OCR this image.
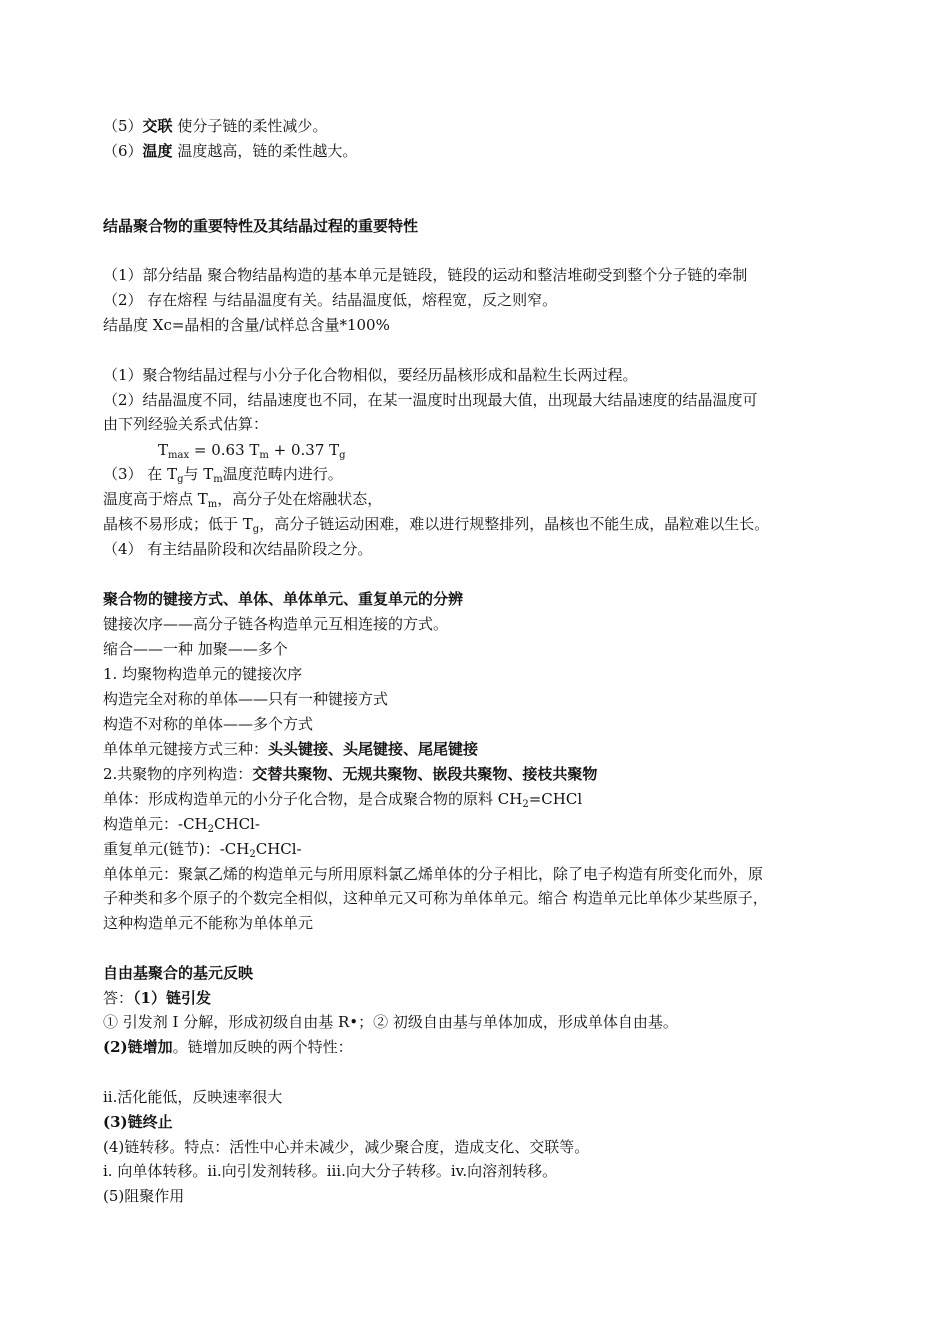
（5）交联 使分子链的柔性减少。
（6）温度 温度越高，链的柔性越大。
结晶聚合物的重要特性及其结晶过程的重要特性
（1）部分结晶 聚合物结晶构造的基本单元是链段，链段的运动和整洁堆砌受到整个分子链的牵制
（2） 存在熔程 与结晶温度有关。结晶温度低，熔程宽，反之则窄。
结晶度 Xc=晶相的含量/试样总含量*100%
（1）聚合物结晶过程与小分子化合物相似，要经历晶核形成和晶粒生长两过程。
（2）结晶温度不同，结晶速度也不同，在某一温度时出现最大值，出现最大结晶速度的结晶温度可
由下列经验关系式估算：
$T_{max} = 0.63$ $T_m + 0.37$ $T_g$
（3） 在 $T_g$与 $T_m$温度范畴内进行。
温度高于熔点 $T_m$，高分子处在熔融状态，
晶核不易形成；低于 $T_g$，高分子链运动困难，难以进行规整排列，晶核也不能生成，晶粒难以生长。
（4） 有主结晶阶段和次结晶阶段之分。
聚合物的键接方式、单体、单体单元、重复单元的分辨
键接次序——高分子链各构造单元互相连接的方式。
缩合——一种 加聚——多个
1. 均聚物构造单元的键接次序
构造完全对称的单体——只有一种键接方式
构造不对称的单体——多个方式
单体单元键接方式三种：头头键接、头尾键接、尾尾键接
2.共聚物的序列构造：交替共聚物、无规共聚物、嵌段共聚物、接枝共聚物
单体：形成构造单元的小分子化合物，是合成聚合物的原料 $CH_2=CHCl$
构造单元：$-CH_2CHCl-$
重复单元(链节)：$-CH_2CHCl-$
单体单元：聚氯乙烯的构造单元与所用原料氯乙烯单体的分子相比，除了电子构造有所变化而外，原
子种类和多个原子的个数完全相似，这种单元又可称为单体单元。缩合 构造单元比单体少某些原子，
这种构造单元不能称为单体单元
自由基聚合的基元反映
答：（1）链引发
① 引发剂 I 分解，形成初级自由基 R•；② 初级自由基与单体加成，形成单体自由基。
(2)链增加。链增加反映的两个特性：
ii.活化能低，反映速率很大
(3)链终止
(4)链转移。特点：活性中心并未减少，减少聚合度，造成支化、交联等。
i. 向单体转移。ii.向引发剂转移。iii.向大分子转移。iv.向溶剂转移。
(5)阻聚作用
